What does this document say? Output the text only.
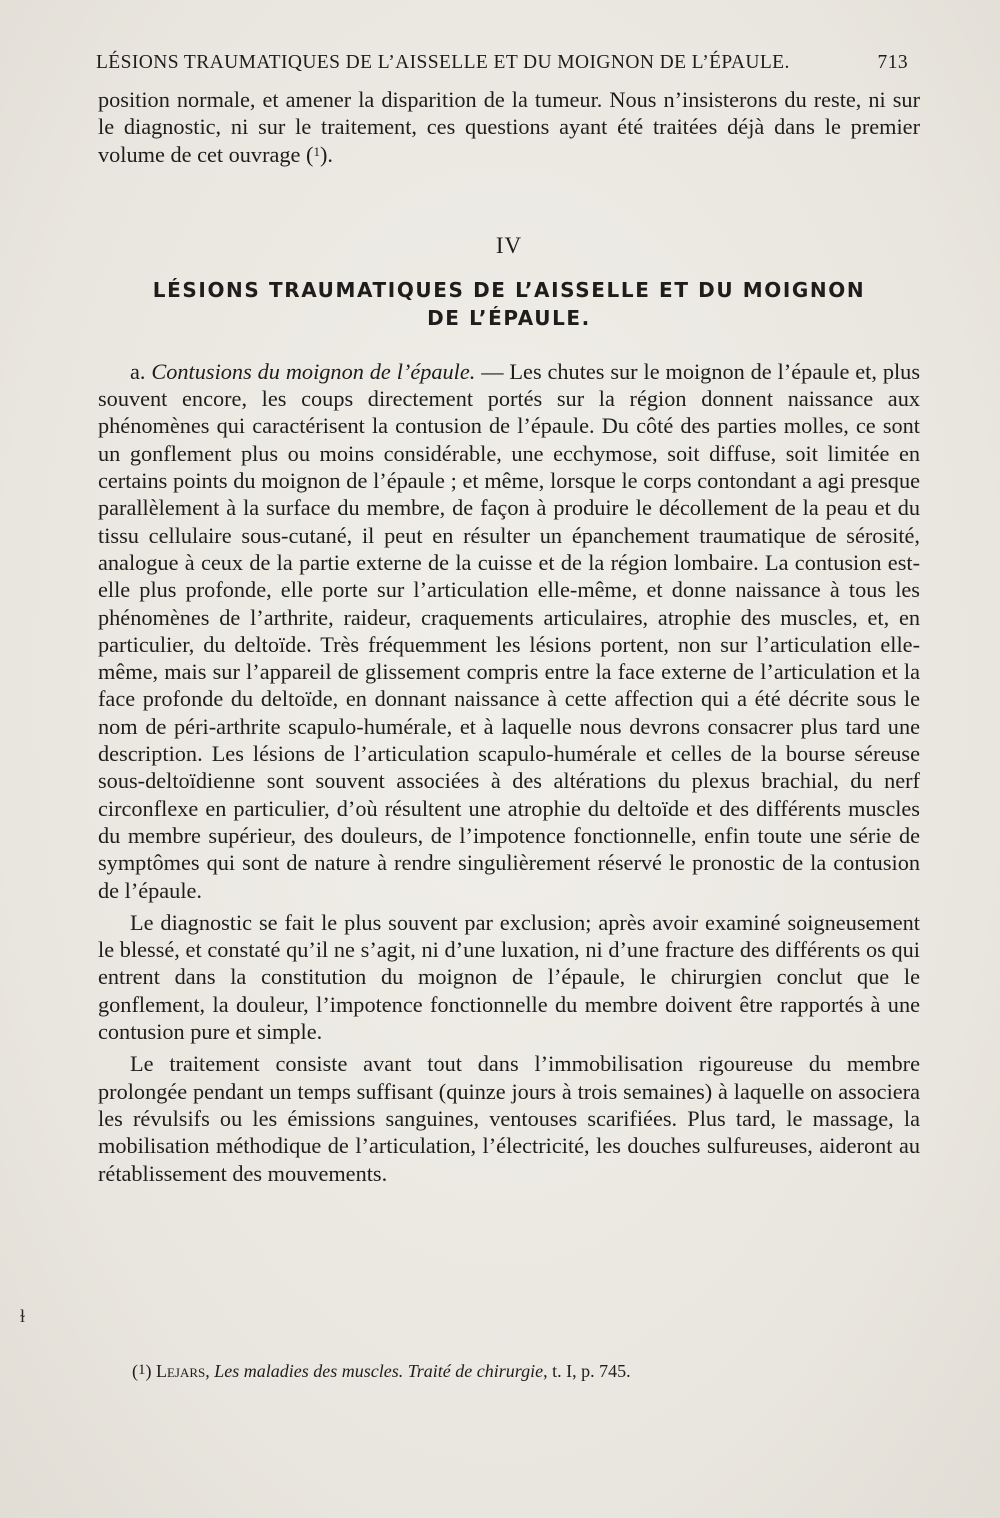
LÉSIONS TRAUMATIQUES DE L’AISSELLE ET DU MOIGNON DE L’ÉPAULE.	713

position normale, et amener la disparition de la tumeur. Nous n’insisterons du reste, ni sur le diagnostic, ni sur le traitement, ces questions ayant été traitées déjà dans le premier volume de cet ouvrage ($^1$).

IV

LÉSIONS TRAUMATIQUES DE L’AISSELLE ET DU MOIGNON
DE L’ÉPAULE.

a. Contusions du moignon de l’épaule. — Les chutes sur le moignon de l’épaule et, plus souvent encore, les coups directement portés sur la région donnent naissance aux phénomènes qui caractérisent la contusion de l’épaule. Du côté des parties molles, ce sont un gonflement plus ou moins considérable, une ecchymose, soit diffuse, soit limitée en certains points du moignon de l’épaule ; et même, lorsque le corps contondant a agi presque parallèlement à la surface du membre, de façon à produire le décollement de la peau et du tissu cellulaire sous-cutané, il peut en résulter un épanchement traumatique de sérosité, analogue à ceux de la partie externe de la cuisse et de la région lombaire. La contusion est-elle plus profonde, elle porte sur l’articulation elle-même, et donne naissance à tous les phénomènes de l’arthrite, raideur, craquements articulaires, atrophie des muscles, et, en particulier, du deltoïde. Très fréquemment les lésions portent, non sur l’articulation elle-même, mais sur l’appareil de glissement compris entre la face externe de l’articulation et la face profonde du deltoïde, en donnant naissance à cette affection qui a été décrite sous le nom de péri-arthrite scapulo-humérale, et à laquelle nous devrons consacrer plus tard une description. Les lésions de l’articulation scapulo-humérale et celles de la bourse séreuse sous-deltoïdienne sont souvent associées à des altérations du plexus brachial, du nerf circonflexe en particulier, d’où résultent une atrophie du deltoïde et des différents muscles du membre supérieur, des douleurs, de l’impotence fonctionnelle, enfin toute une série de symptômes qui sont de nature à rendre singulièrement réservé le pronostic de la contusion de l’épaule.

Le diagnostic se fait le plus souvent par exclusion; après avoir examiné soigneusement le blessé, et constaté qu’il ne s’agit, ni d’une luxation, ni d’une fracture des différents os qui entrent dans la constitution du moignon de l’épaule, le chirurgien conclut que le gonflement, la douleur, l’impotence fonctionnelle du membre doivent être rapportés à une contusion pure et simple.

Le traitement consiste avant tout dans l’immobilisation rigoureuse du membre prolongée pendant un temps suffisant (quinze jours à trois semaines) à laquelle on associera les révulsifs ou les émissions sanguines, ventouses scarifiées. Plus tard, le massage, la mobilisation méthodique de l’articulation, l’électricité, les douches sulfureuses, aideront au rétablissement des mouvements.

ɫ
(1) Lejars, Les maladies des muscles. Traité de chirurgie, t. I, p. 745.
